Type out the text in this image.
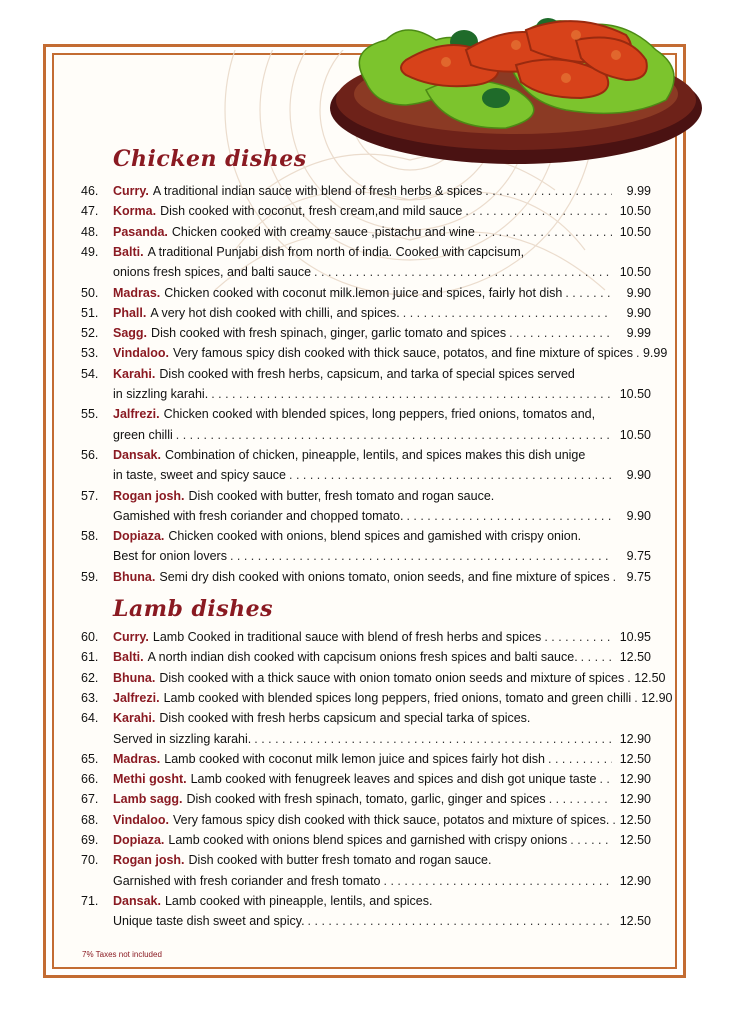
Chicken dishes
Lamb dishes
46.	Curry. A traditional indian sauce with blend of fresh herbs & spices . . .	9.99
47.	Korma. Dish cooked with coconut, fresh cream,and mild sauce . . .	10.50
48.	Pasanda. Chicken cooked with creamy sauce ,pistachu and wine . . .	10.50
49.	Balti. A traditional Punjabi dish from north of india. Cooked with capcisum,
onions fresh spices, and balti sauce . . .	10.50
50.	Madras. Chicken cooked with coconut milk.lemon juice and spices, fairly hot dish . . .	9.90
51.	Phall. A very hot dish cooked with chilli, and spices. . . .	9.90
52.	Sagg. Dish cooked with fresh spinach, ginger, garlic tomato and spices . . .	9.99
53.	Vindaloo. Very famous spicy dish cooked with thick sauce, potatos, and fine mixture of spices . . . 9.99
54.	Karahi. Dish cooked with fresh herbs, capsicum, and tarka of special spices served
in sizzling karahi. . . .	10.50
55.	Jalfrezi. Chicken cooked with blended spices, long peppers, fried onions, tomatos and,
green chilli . . .	10.50
56.	Dansak. Combination of chicken, pineapple, lentils, and spices makes this dish unige
in taste, sweet and spicy sauce . . .	9.90
57.	Rogan josh. Dish cooked with butter, fresh tomato and rogan sauce.
Gamished with fresh coriander and chopped tomato. . . .	9.90
58.	Dopiaza. Chicken cooked with onions, blend spices and gamished with crispy onion.
Best for onion lovers . . .	9.75
59.	Bhuna. Semi dry dish cooked with onions tomato, onion seeds, and fine mixture of spices . . .	9.75
60.	Curry. Lamb Cooked in traditional sauce with blend of fresh herbs and spices . . .	10.95
61.	Balti. A north indian dish cooked with capcisum onions fresh spices and balti sauce. . . .	12.50
62.	Bhuna. Dish cooked with a thick sauce with onion tomato onion seeds and mixture of spices . . . 12.50
63.	Jalfrezi. Lamb cooked with blended spices long peppers, fried onions, tomato and green chilli . . . 12.90
64.	Karahi. Dish cooked with fresh herbs capsicum and special tarka of spices.
Served in sizzling karahi. . . .	12.90
65.	Madras. Lamb cooked with coconut milk lemon juice and spices fairly hot dish . . .	12.50
66.	Methi gosht. Lamb cooked with fenugreek leaves and spices and dish got unique taste . . .	12.90
67.	Lamb sagg. Dish cooked with fresh spinach, tomato, garlic, ginger and spices . . .	12.90
68.	Vindaloo. Very famous spicy dish cooked with thick sauce, potatos and mixture of spices. . . . 12.50
69.	Dopiaza. Lamb cooked with onions blend spices and garnished with crispy onions . . .	12.50
70.	Rogan josh. Dish cooked with butter fresh tomato and rogan sauce.
Garnished with fresh coriander and fresh tomato . . .	12.90
71.	Dansak. Lamb cooked with pineapple, lentils, and spices.
Unique taste dish sweet and spicy. . . .	12.50
7% Taxes not included
